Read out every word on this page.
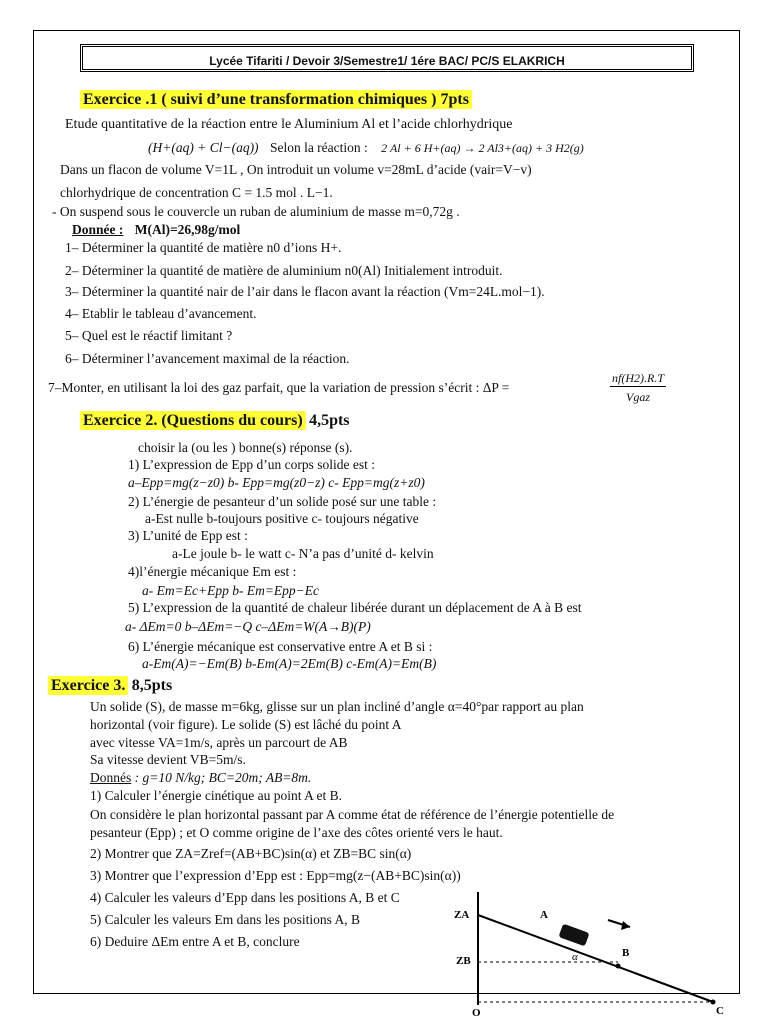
Lycée Tifariti / Devoir 3/Semestre1/ 1ére BAC/ PC/S ELAKRICH
Exercice .1 ( suivi d’une transformation chimiques ) 7pts
Etude quantitative de la réaction entre le Aluminium Al et l’acide chlorhydrique
(H+(aq) + Cl−(aq)) Selon la réaction : 2 Al + 6 H+(aq) → 2 Al3+(aq) + 3 H2(g)
Dans un flacon de volume V=1L , On introduit un volume v=28mL d’acide (vair=V−v)
chlorhydrique de concentration C = 1.5 mol . L−1.
- On suspend sous le couvercle un ruban de aluminium de masse m=0,72g .
Donnée : M(Al)=26,98g/mol
1– Déterminer la quantité de matière n0 d’ions H+.
2– Déterminer la quantité de matière de aluminium n0(Al) Initialement introduit.
3– Déterminer la quantité nair de l’air dans le flacon avant la réaction (Vm=24L.mol−1).
4– Etablir le tableau d’avancement.
5– Quel est le réactif limitant ?
6– Déterminer l’avancement maximal de la réaction.
7–Monter, en utilisant la loi des gaz parfait, que la variation de pression s’écrit : ΔP =
nf(H2).R.T
Vgaz
Exercice 2. (Questions du cours) 4,5pts
choisir la (ou les ) bonne(s) réponse (s).
1) L’expression de Epp d’un corps solide est :
a–Epp=mg(z−z0) b- Epp=mg(z0−z) c- Epp=mg(z+z0)
2) L’énergie de pesanteur d’un solide posé sur une table :
a-Est nulle b-toujours positive c- toujours négative
3) L’unité de Epp est :
a-Le joule b- le watt c- N’a pas d’unité d- kelvin
4)l’énergie mécanique Em est :
a- Em=Ec+Epp b- Em=Epp−Ec
5) L’expression de la quantité de chaleur libérée durant un déplacement de A à B est
a- ΔEm=0 b–ΔEm=−Q c–ΔEm=W(A→B)(P)
6) L’énergie mécanique est conservative entre A et B si :
a-Em(A)=−Em(B) b-Em(A)=2Em(B) c-Em(A)=Em(B)
Exercice 3. 8,5pts
Un solide (S), de masse m=6kg, glisse sur un plan incliné d’angle α=40°par rapport au plan
horizontal (voir figure). Le solide (S) est lâché du point A
avec vitesse VA=1m/s, après un parcourt de AB
Sa vitesse devient VB=5m/s.
Donnés : g=10 N/kg; BC=20m; AB=8m.
1) Calculer l’énergie cinétique au point A et B.
On considère le plan horizontal passant par A comme état de référence de l’énergie potentielle de
pesanteur (Epp) ; et O comme origine de l’axe des côtes orienté vers le haut.
2) Montrer que ZA=Zref=(AB+BC)sin(α) et ZB=BC sin(α)
3) Montrer que l’expression d’Epp est : Epp=mg(z−(AB+BC)sin(α))
4) Calculer les valeurs d’Epp dans les positions A, B et C
5) Calculer les valeurs Em dans les positions A, B
6) Deduire ΔEm entre A et B, conclure
ZA
ZB
O
A
B
C
α
